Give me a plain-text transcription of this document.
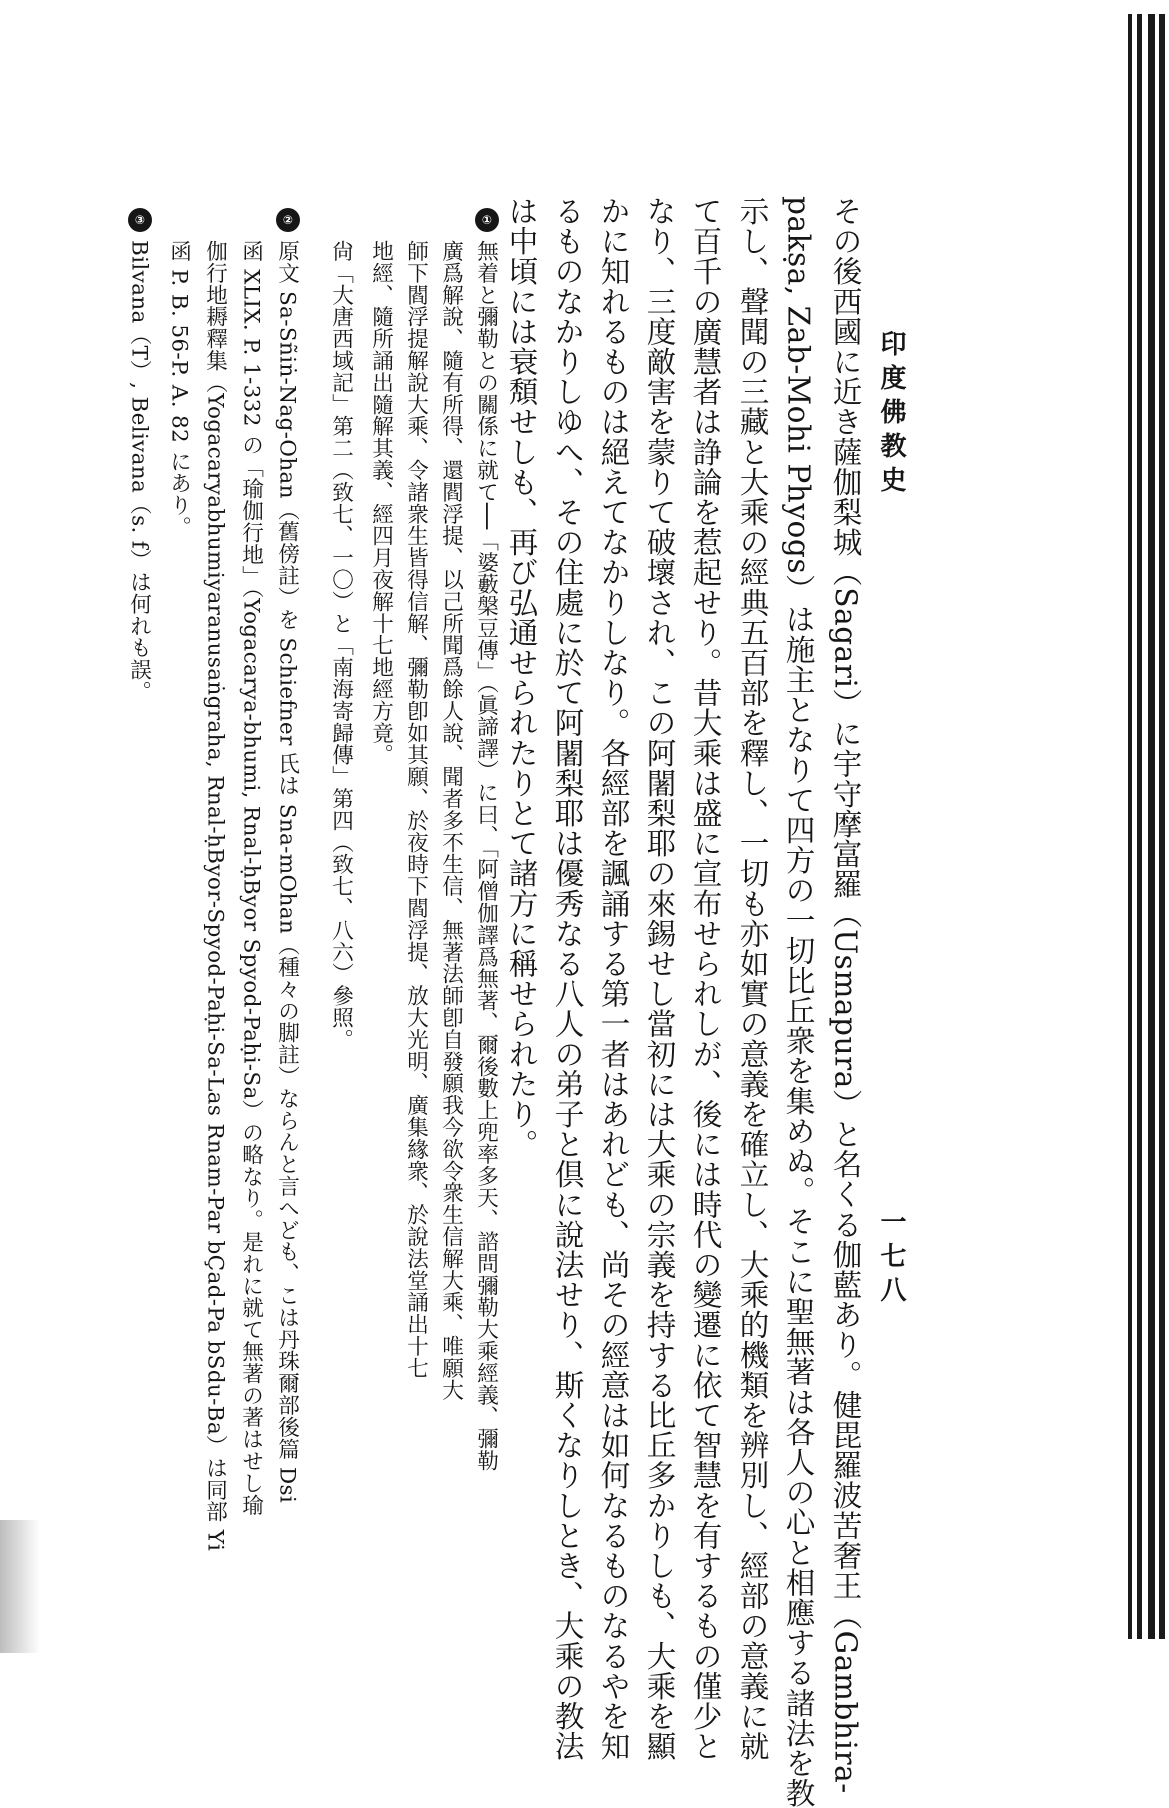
印度佛教史
一七八
その後西國に近き薩伽梨城（Sagari）に宇守摩富羅（Usmapura）と名くる伽藍あり。健毘羅波苦奢王（Gambhira-
pakṣa, Zab-Mohi Phyogs）は施主となりて四方の一切比丘衆を集めぬ。そこに聖無著は各人の心と相應する諸法を教
示し、聲聞の三藏と大乘の經典五百部を釋し、一切も亦如實の意義を確立し、大乘的機類を辨別し、經部の意義に就
て百千の廣慧者は諍論を惹起せり。昔大乘は盛に宣布せられしが、後には時代の變遷に依て智慧を有するもの僅少と
なり、三度敵害を蒙りて破壞され、この阿闍梨耶の來錫せし當初には大乘の宗義を持する比丘多かりしも、大乘を顯
かに知れるものは絕えてなかりしなり。各經部を諷誦する第一者はあれども、尚その經意は如何なるものなるやを知
るものなかりしゆへ、その住處に於て阿闍梨耶は優秀なる八人の弟子と倶に說法せり、斯くなりしとき、大乘の教法
は中頃には衰頽せしも、再び弘通せられたりとて諸方に稱せられたり。
①
無着と彌勒との關係に就て──「婆藪槃豆傳」（眞諦譯）に曰、「阿僧伽譯爲無著、爾後數上兜率多天、諮問彌勒大乘經義、彌勒
廣爲解說、隨有所得、還閻浮提、以己所聞爲餘人說、聞者多不生信、無著法師卽自發願我今欲令衆生信解大乘、唯願大
師下閻浮提解說大乘、令諸衆生皆得信解、彌勒卽如其願、於夜時下閻浮提、放大光明、廣集緣衆、於說法堂誦出十七
地經、隨所誦出隨解其義、經四月夜解十七地經方竟。
尙「大唐西域記」第二（致七、一〇）と「南海寄歸傳」第四（致七、八六）參照。
②
原文 Sa-Sñiṅ-Nag-Ohan（舊傍註）を Schiefner 氏は Sna-mOhan（種々の脚註）ならんと言へども、こは丹珠爾部後篇 Dsi
函 XLIX. P. 1-332 の「瑜伽行地」（Yogacarya-bhumi, Rnal-ḥByor Spyod-Paḥi-Sa）の略なり。是れに就て無著の著はせし瑜
伽行地耨釋集（Yogacaryabhumiyaranusaṅgraha, Rnal-ḥByor-Spyod-Paḥi-Sa-Las Rnam-Par bÇad-Pa bSdu-Ba）は同部 Yi
函 P. B. 56-P. A. 82 にあり。
③
Bilvana（T）, Belivana（s. f）は何れも誤。
